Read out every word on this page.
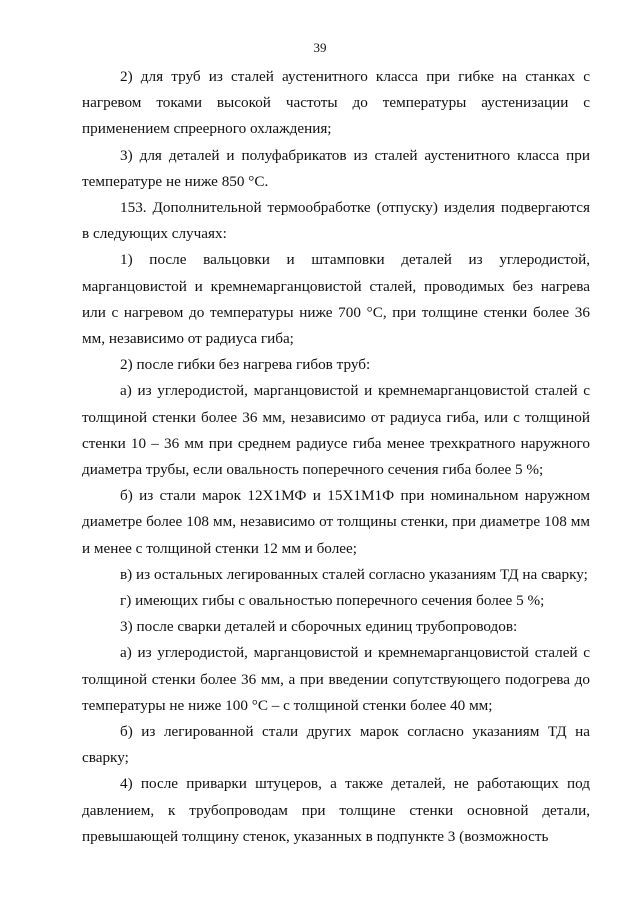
39

2) для труб из сталей аустенитного класса при гибке на станках с нагревом токами высокой частоты до температуры аустенизации с применением спреерного охлаждения;

3) для деталей и полуфабрикатов из сталей аустенитного класса при температуре не ниже 850 °С.

153. Дополнительной термообработке (отпуску) изделия подвергаются в следующих случаях:

1) после вальцовки и штамповки деталей из углеродистой, марганцовистой и кремнемарганцовистой сталей, проводимых без нагрева или с нагревом до температуры ниже 700 °С, при толщине стенки более 36 мм, независимо от радиуса гиба;

2) после гибки без нагрева гибов труб:

а) из углеродистой, марганцовистой и кремнемарганцовистой сталей с толщиной стенки более 36 мм, независимо от радиуса гиба, или с толщиной стенки 10 – 36 мм при среднем радиусе гиба менее трехкратного наружного диаметра трубы, если овальность поперечного сечения гиба более 5 %;

б) из стали марок 12Х1МФ и 15Х1М1Ф при номинальном наружном диаметре более 108 мм, независимо от толщины стенки, при диаметре 108 мм и менее с толщиной стенки 12 мм и более;

в) из остальных легированных сталей согласно указаниям ТД на сварку;

г) имеющих гибы с овальностью поперечного сечения более 5 %;

3) после сварки деталей и сборочных единиц трубопроводов:

а) из углеродистой, марганцовистой и кремнемарганцовистой сталей с толщиной стенки более 36 мм, а при введении сопутствующего подогрева до температуры не ниже 100 °С – с толщиной стенки более 40 мм;

б) из легированной стали других марок согласно указаниям ТД на сварку;

4) после приварки штуцеров, а также деталей, не работающих под давлением, к трубопроводам при толщине стенки основной детали, превышающей толщину стенок, указанных в подпункте 3 (возможность
